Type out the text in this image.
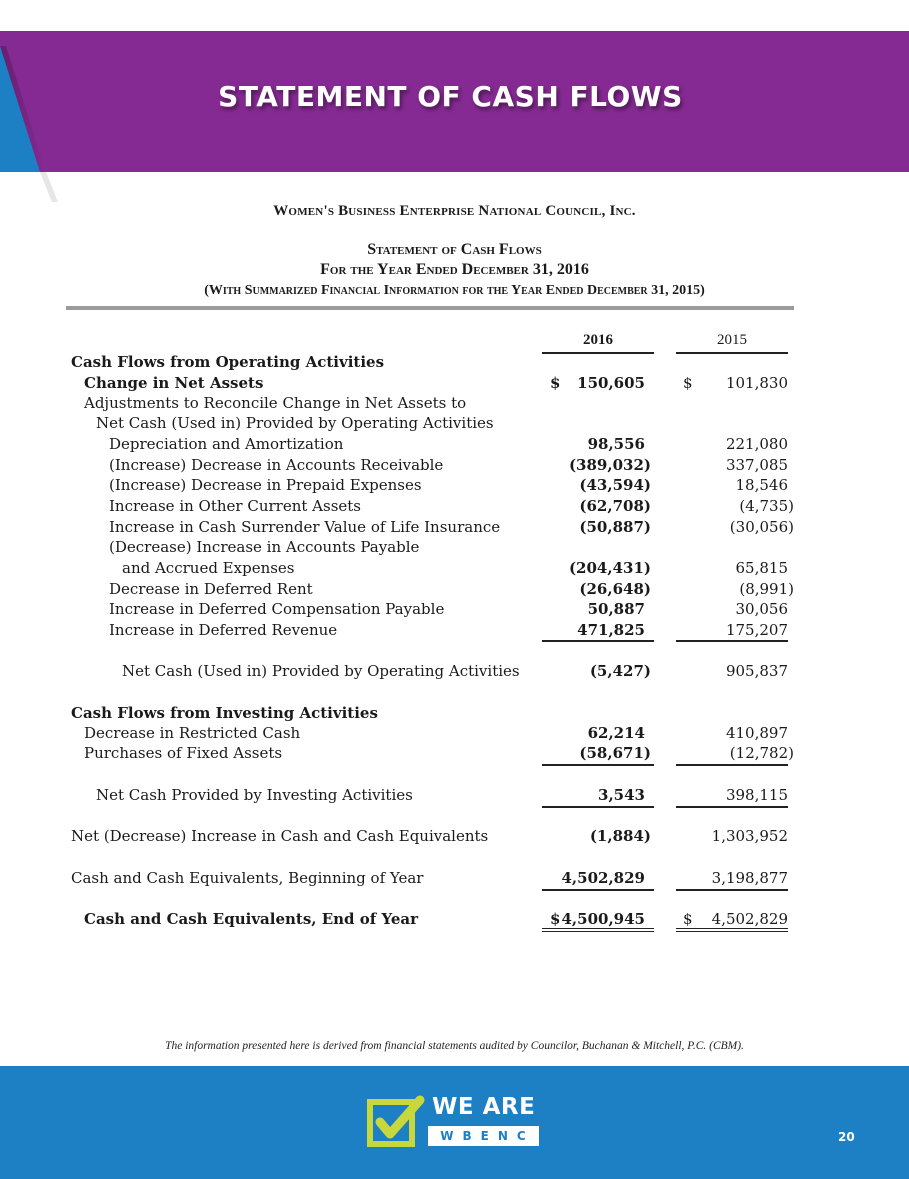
STATEMENT OF CASH FLOWS
Women's Business Enterprise National Council, Inc.
Statement of Cash Flows
For the Year Ended December 31, 2016
(With Summarized Financial Information for the Year Ended December 31, 2015)
2016	2015
Cash Flows from Operating Activities
Change in Net Assets	$	150,605	$	101,830
Adjustments to Reconcile Change in Net Assets to
Net Cash (Used in) Provided by Operating Activities
Depreciation and Amortization	98,556	221,080
(Increase) Decrease in Accounts Receivable	(389,032)	337,085
(Increase) Decrease in Prepaid Expenses	(43,594)	18,546
Increase in Other Current Assets	(62,708)	(4,735)
Increase in Cash Surrender Value of Life Insurance	(50,887)	(30,056)
(Decrease) Increase in Accounts Payable
and Accrued Expenses	(204,431)	65,815
Decrease in Deferred Rent	(26,648)	(8,991)
Increase in Deferred Compensation Payable	50,887	30,056
Increase in Deferred Revenue	471,825	175,207
Net Cash (Used in) Provided by Operating Activities	(5,427)	905,837
Cash Flows from Investing Activities
Decrease in Restricted Cash	62,214	410,897
Purchases of Fixed Assets	(58,671)	(12,782)
Net Cash Provided by Investing Activities	3,543	398,115
Net (Decrease) Increase in Cash and Cash Equivalents	(1,884)	1,303,952
Cash and Cash Equivalents, Beginning of Year	4,502,829	3,198,877
Cash and Cash Equivalents, End of Year	$ 4,500,945	$	4,502,829
The information presented here is derived from financial statements audited by Councilor, Buchanan & Mitchell, P.C. (CBM).
WE ARE
WBENC	20
